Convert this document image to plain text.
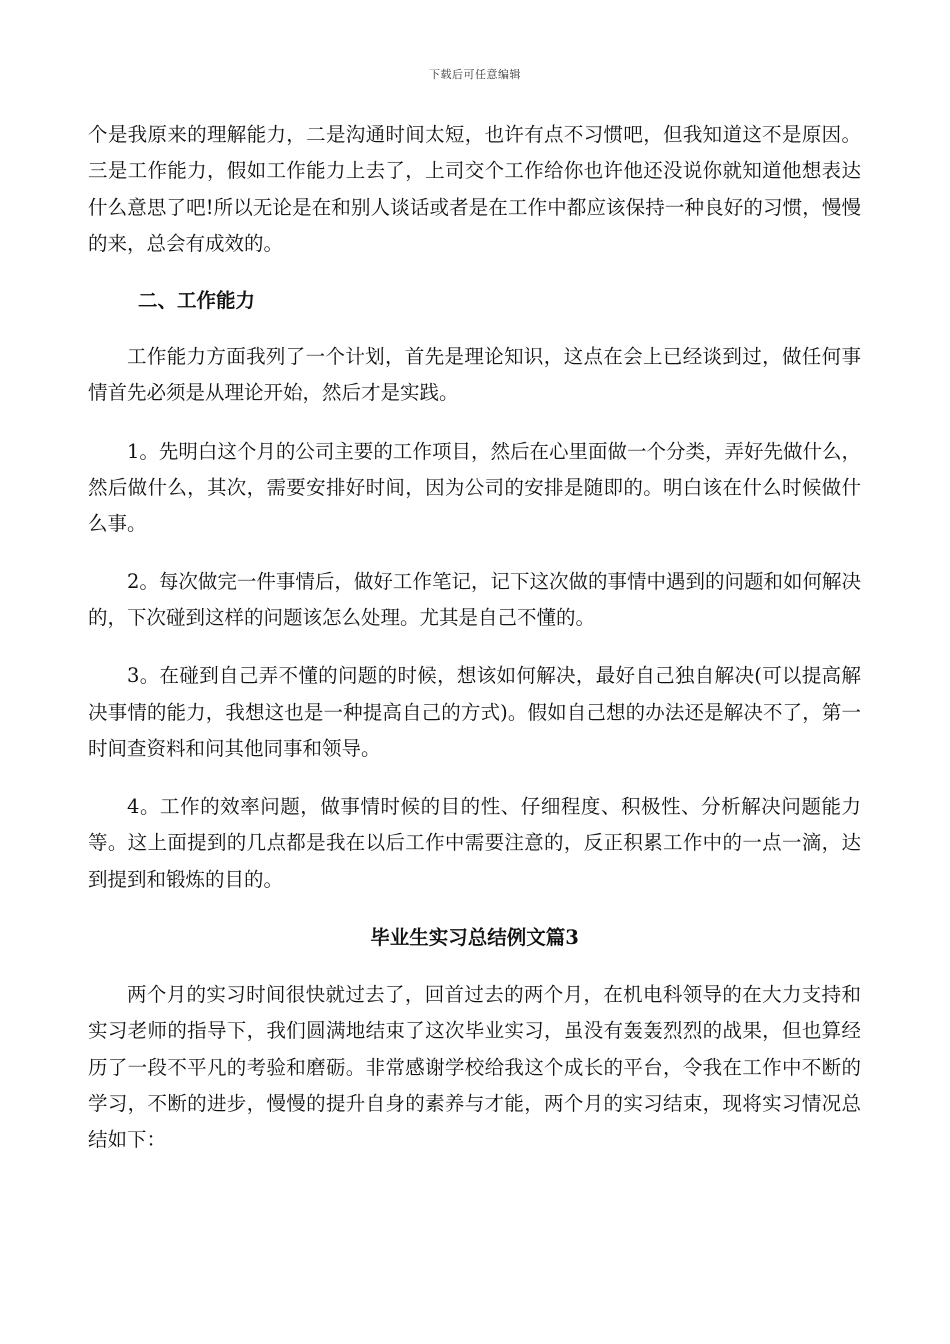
下载后可任意编辑

个是我原来的理解能力，二是沟通时间太短，也许有点不习惯吧，但我知道这不是原因。三是工作能力，假如工作能力上去了，上司交个工作给你也许他还没说你就知道他想表达什么意思了吧!所以无论是在和别人谈话或者是在工作中都应该保持一种良好的习惯，慢慢的来，总会有成效的。

二、工作能力

工作能力方面我列了一个计划，首先是理论知识，这点在会上已经谈到过，做任何事情首先必须是从理论开始，然后才是实践。

1。先明白这个月的公司主要的工作项目，然后在心里面做一个分类，弄好先做什么，然后做什么，其次，需要安排好时间，因为公司的安排是随即的。明白该在什么时候做什么事。

2。每次做完一件事情后，做好工作笔记，记下这次做的事情中遇到的问题和如何解决的，下次碰到这样的问题该怎么处理。尤其是自己不懂的。

3。在碰到自己弄不懂的问题的时候，想该如何解决，最好自己独自解决(可以提高解决事情的能力，我想这也是一种提高自己的方式)。假如自己想的办法还是解决不了，第一时间查资料和问其他同事和领导。

4。工作的效率问题，做事情时候的目的性、仔细程度、积极性、分析解决问题能力等。这上面提到的几点都是我在以后工作中需要注意的，反正积累工作中的一点一滴，达到提到和锻炼的目的。

毕业生实习总结例文篇3

两个月的实习时间很快就过去了，回首过去的两个月，在机电科领导的在大力支持和实习老师的指导下，我们圆满地结束了这次毕业实习，虽没有轰轰烈烈的战果，但也算经历了一段不平凡的考验和磨砺。非常感谢学校给我这个成长的平台，令我在工作中不断的学习，不断的进步，慢慢的提升自身的素养与才能，两个月的实习结束，现将实习情况总结如下：
